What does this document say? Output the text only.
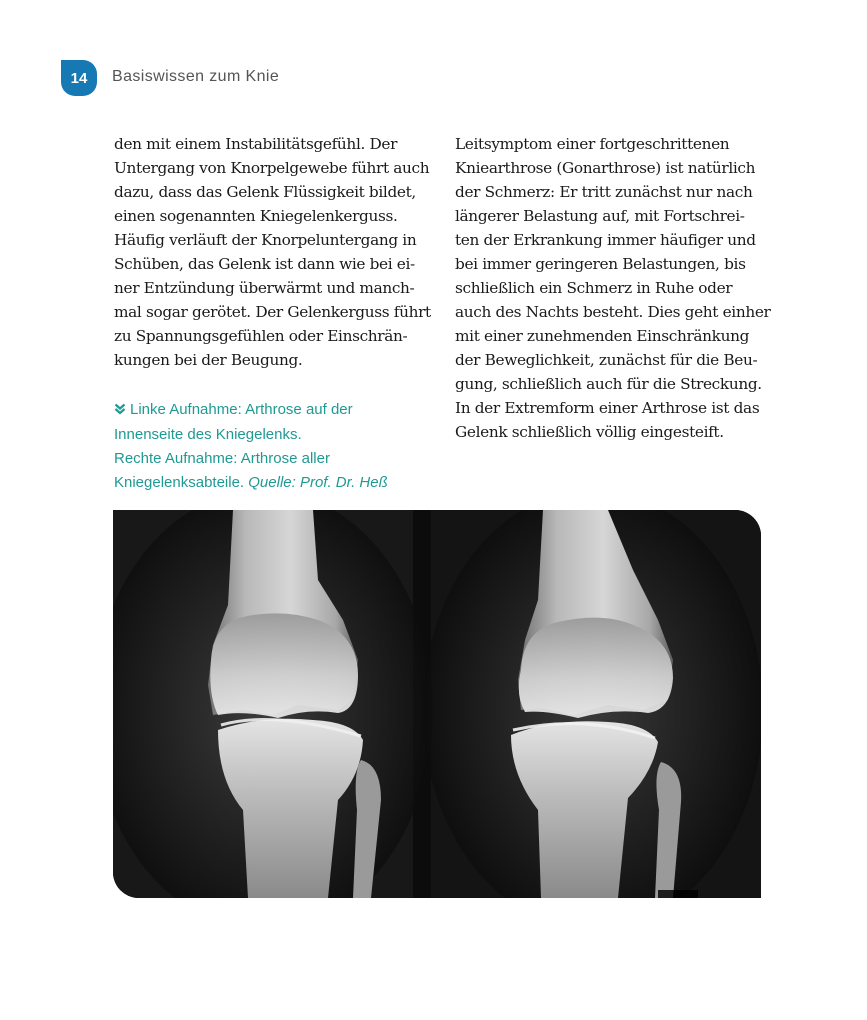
14 Basiswissen zum Knie
den mit einem Instabilitätsgefühl. Der
Untergang von Knorpelgewebe führt auch
dazu, dass das Gelenk Flüssigkeit bildet,
einen sogenannten Kniegelenkerguss.
Häufig verläuft der Knorpeluntergang in
Schüben, das Gelenk ist dann wie bei ei-
ner Entzündung überwärmt und manch-
mal sogar gerötet. Der Gelenkerguss führt
zu Spannungsgefühlen oder Einschrän-
kungen bei der Beugung.
Leitsymptom einer fortgeschrittenen
Kniearthrose (Gonarthrose) ist natürlich
der Schmerz: Er tritt zunächst nur nach
längerer Belastung auf, mit Fortschrei-
ten der Erkrankung immer häufiger und
bei immer geringeren Belastungen, bis
schließlich ein Schmerz in Ruhe oder
auch des Nachts besteht. Dies geht einher
mit einer zunehmenden Einschränkung
der Beweglichkeit, zunächst für die Beu-
gung, schließlich auch für die Streckung.
In der Extremform einer Arthrose ist das
Gelenk schließlich völlig eingesteift.
Linke Aufnahme: Arthrose auf der
Innenseite des Kniegelenks.
Rechte Aufnahme: Arthrose aller
Kniegelenksabteile. Quelle: Prof. Dr. Heß
